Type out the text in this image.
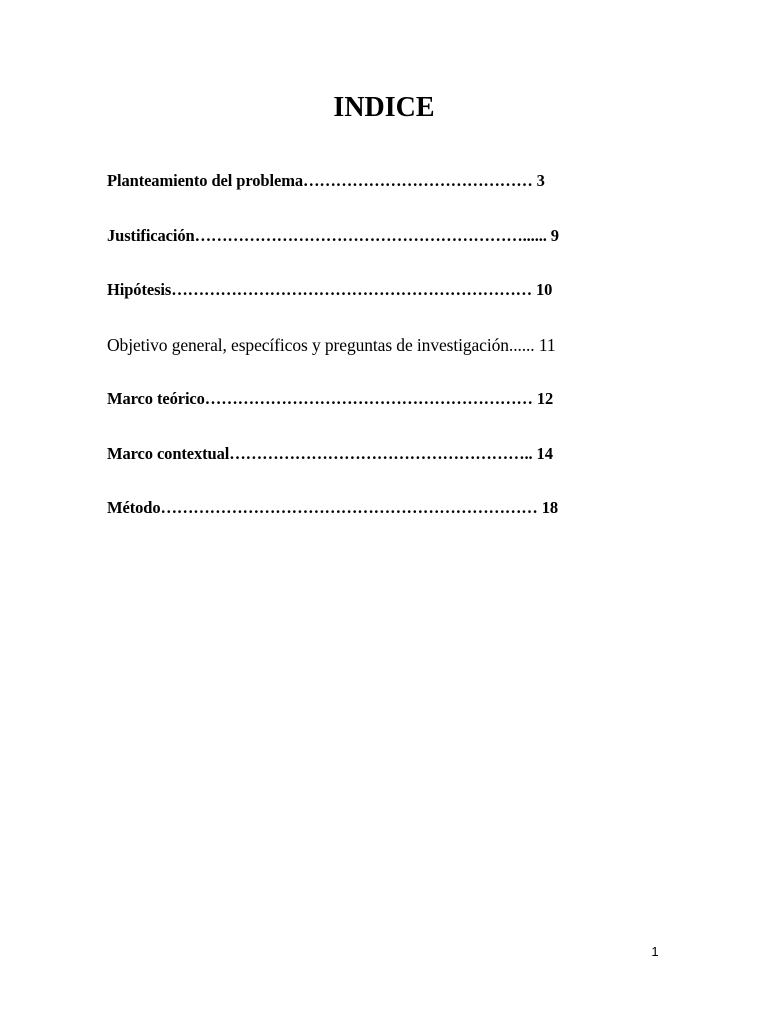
INDICE
Planteamiento del problema…………………………………… 3
Justificación……………………………………………………...... 9
Hipótesis………………………………………………………… 10
Objetivo general, específicos y preguntas de investigación...... 11
Marco teórico…………………………………………………… 12
Marco contextual……………………………………………….. 14
Método…………………………………………………………… 18
1
